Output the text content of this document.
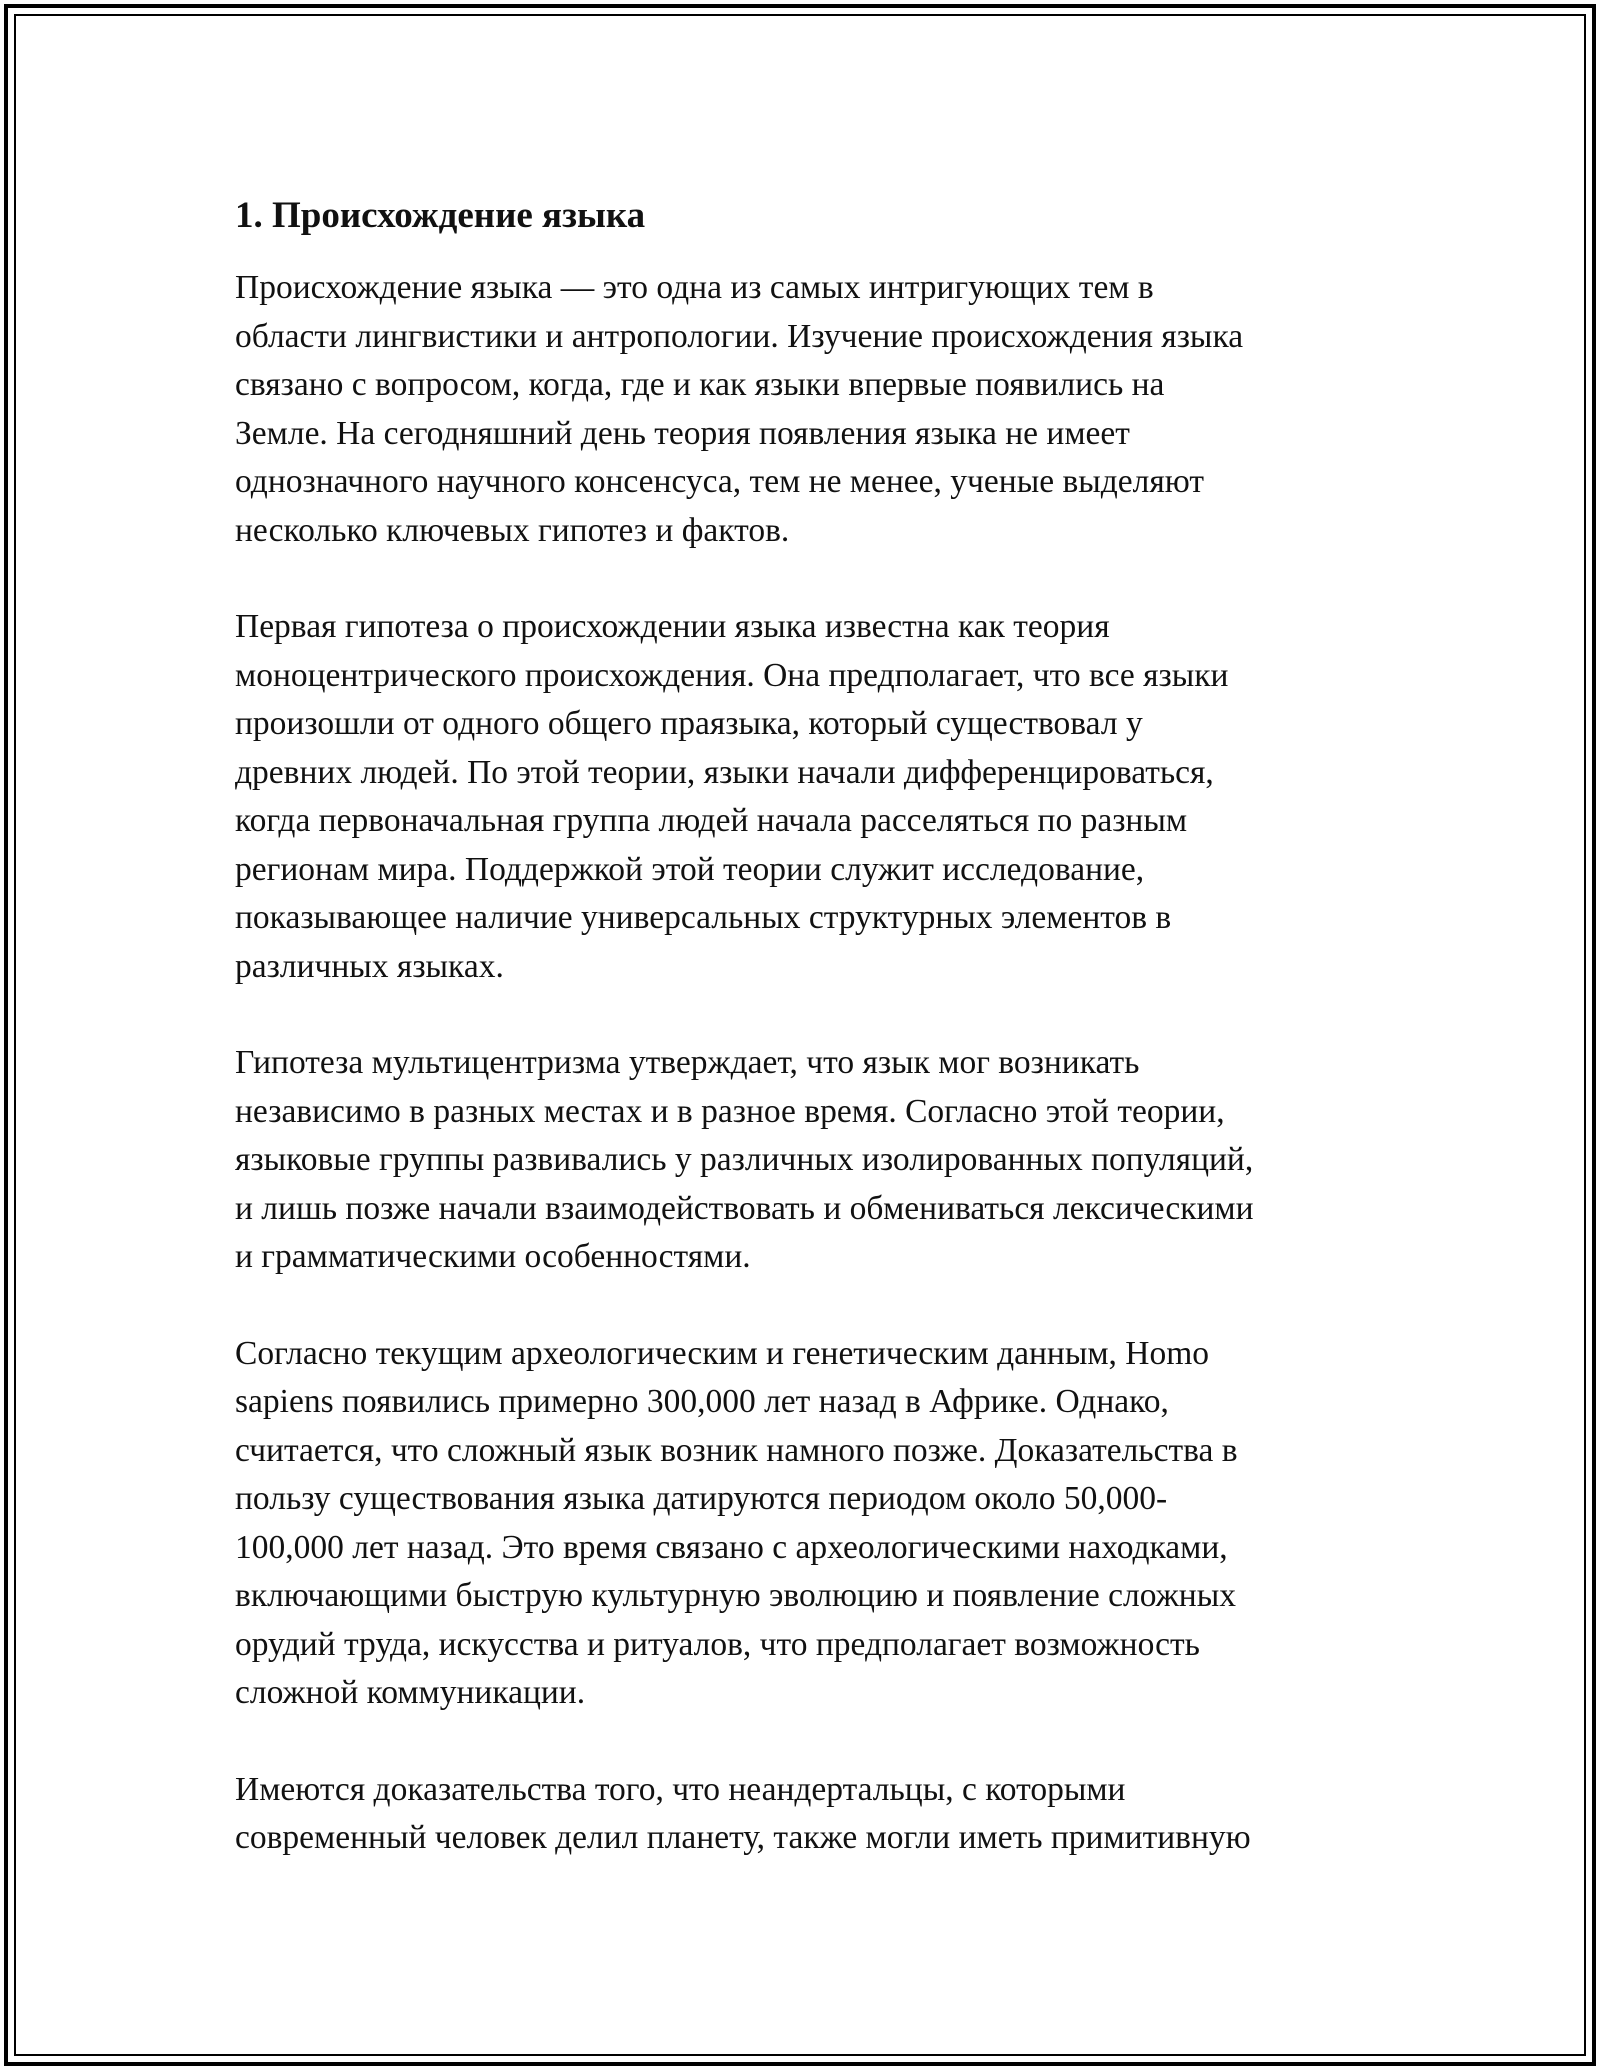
1. Происхождение языка
Происхождение языка — это одна из самых интригующих тем в
области лингвистики и антропологии. Изучение происхождения языка
связано с вопросом, когда, где и как языки впервые появились на
Земле. На сегодняшний день теория появления языка не имеет
однозначного научного консенсуса, тем не менее, ученые выделяют
несколько ключевых гипотез и фактов.
Первая гипотеза о происхождении языка известна как теория
моноцентрического происхождения. Она предполагает, что все языки
произошли от одного общего праязыка, который существовал у
древних людей. По этой теории, языки начали дифференцироваться,
когда первоначальная группа людей начала расселяться по разным
регионам мира. Поддержкой этой теории служит исследование,
показывающее наличие универсальных структурных элементов в
различных языках.
Гипотеза мультицентризма утверждает, что язык мог возникать
независимо в разных местах и в разное время. Согласно этой теории,
языковые группы развивались у различных изолированных популяций,
и лишь позже начали взаимодействовать и обмениваться лексическими
и грамматическими особенностями.
Согласно текущим археологическим и генетическим данным, Homo
sapiens появились примерно 300,000 лет назад в Африке. Однако,
считается, что сложный язык возник намного позже. Доказательства в
пользу существования языка датируются периодом около 50,000-
100,000 лет назад. Это время связано с археологическими находками,
включающими быструю культурную эволюцию и появление сложных
орудий труда, искусства и ритуалов, что предполагает возможность
сложной коммуникации.
Имеются доказательства того, что неандертальцы, с которыми
современный человек делил планету, также могли иметь примитивную
